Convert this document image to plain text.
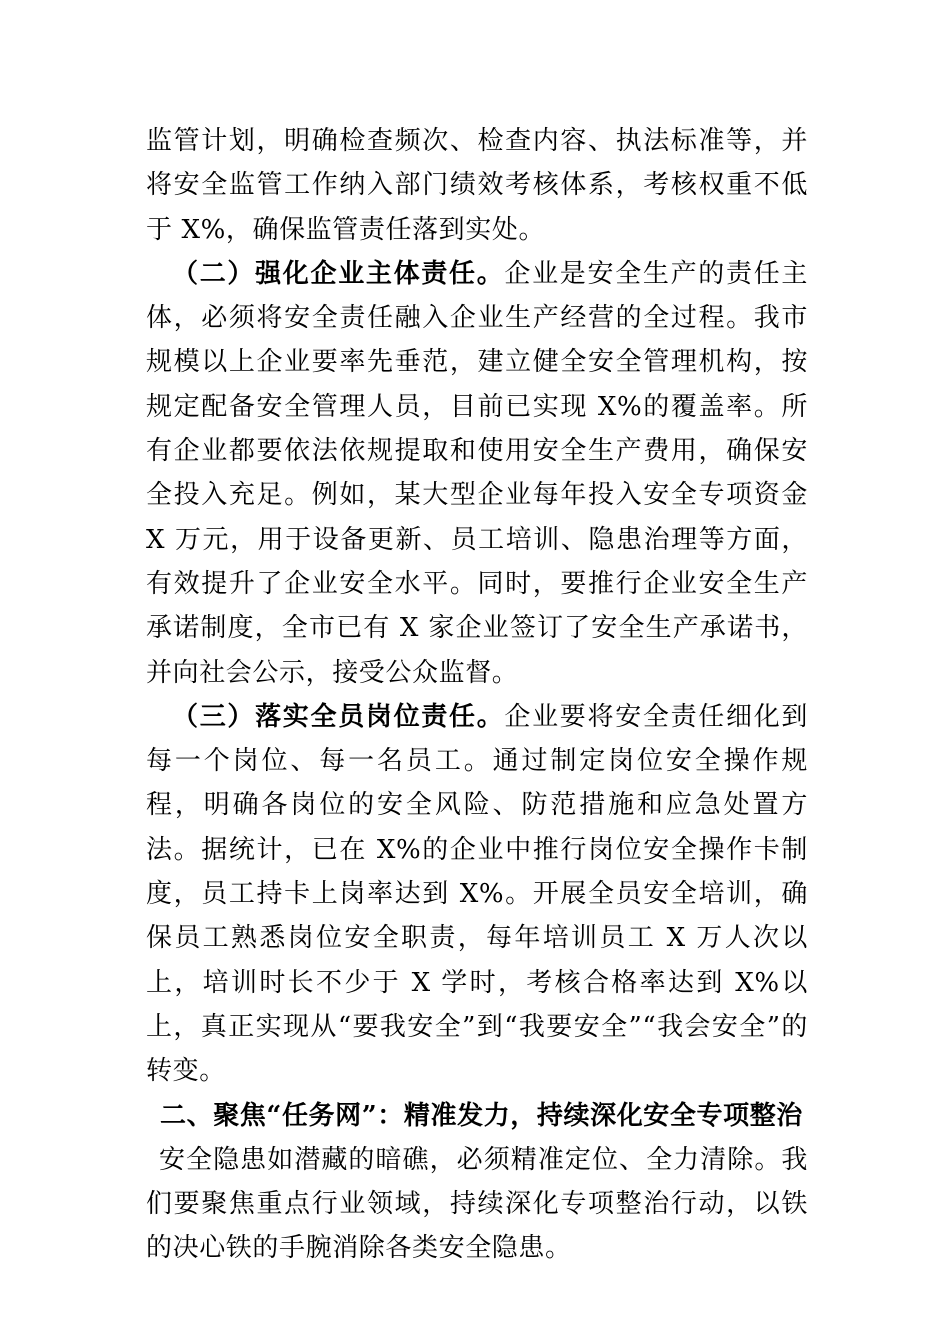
监管计划，明确检查频次、检查内容、执法标准等，并将安全监管工作纳入部门绩效考核体系，考核权重不低于 X%，确保监管责任落到实处。

（二）强化企业主体责任。企业是安全生产的责任主体，必须将安全责任融入企业生产经营的全过程。我市规模以上企业要率先垂范，建立健全安全管理机构，按规定配备安全管理人员，目前已实现 X%的覆盖率。所有企业都要依法依规提取和使用安全生产费用，确保安全投入充足。例如，某大型企业每年投入安全专项资金 X 万元，用于设备更新、员工培训、隐患治理等方面，有效提升了企业安全水平。同时，要推行企业安全生产承诺制度，全市已有 X 家企业签订了安全生产承诺书，并向社会公示，接受公众监督。

（三）落实全员岗位责任。企业要将安全责任细化到每一个岗位、每一名员工。通过制定岗位安全操作规程，明确各岗位的安全风险、防范措施和应急处置方法。据统计，已在 X%的企业中推行岗位安全操作卡制度，员工持卡上岗率达到 X%。开展全员安全培训，确保员工熟悉岗位安全职责，每年培训员工 X 万人次以上，培训时长不少于 X 学时，考核合格率达到 X%以上，真正实现从“要我安全”到“我要安全”“我会安全”的转变。

二、聚焦“任务网”：精准发力，持续深化安全专项整治

安全隐患如潜藏的暗礁，必须精准定位、全力清除。我们要聚焦重点行业领域，持续深化专项整治行动，以铁的决心铁的手腕消除各类安全隐患。
